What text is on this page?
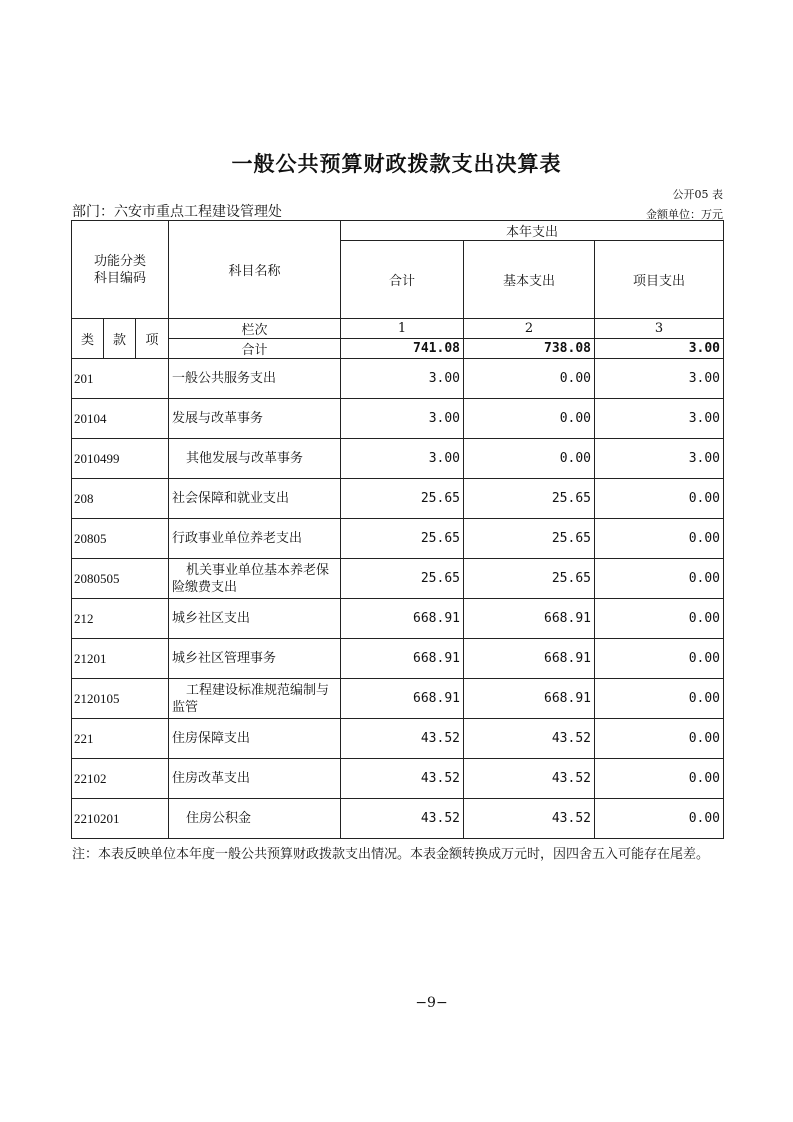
一般公共预算财政拨款支出决算表
公开05 表
部门：六安市重点工程建设管理处	金额单位：万元
功能分类科目编码			科目名称	本年支出		
				合计	基本支出	项目支出
类	款	项	栏次	1	2	3
			合计	741.08	738.08	3.00
201			一般公共服务支出	3.00	0.00	3.00
20104			发展与改革事务	3.00	0.00	3.00
2010499			其他发展与改革事务	3.00	0.00	3.00
208			社会保障和就业支出	25.65	25.65	0.00
20805			行政事业单位养老支出	25.65	25.65	0.00
2080505			机关事业单位基本养老保险缴费支出	25.65	25.65	0.00
212			城乡社区支出	668.91	668.91	0.00
21201			城乡社区管理事务	668.91	668.91	0.00
2120105			工程建设标准规范编制与监管	668.91	668.91	0.00
221			住房保障支出	43.52	43.52	0.00
22102			住房改革支出	43.52	43.52	0.00
2210201			住房公积金	43.52	43.52	0.00
注：本表反映单位本年度一般公共预算财政拨款支出情况。本表金额转换成万元时，因四舍五入可能存在尾差。
−9−
